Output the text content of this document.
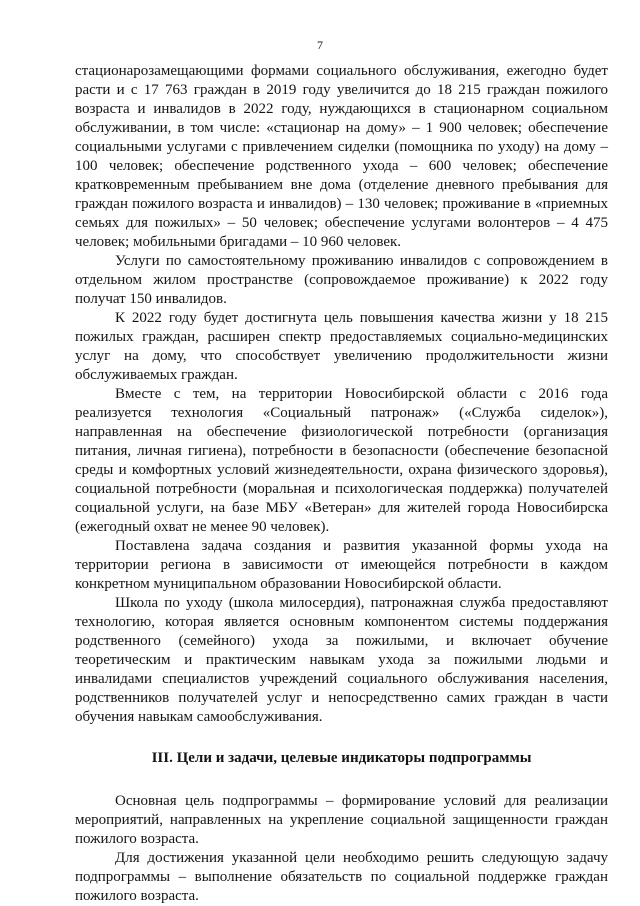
7

стационарозамещающими формами социального обслуживания, ежегодно будет расти и с 17 763 граждан в 2019 году увеличится до 18 215 граждан пожилого возраста и инвалидов в 2022 году, нуждающихся в стационарном социальном обслуживании, в том числе: «стационар на дому» – 1 900 человек; обеспечение социальными услугами с привлечением сиделки (помощника по уходу) на дому – 100 человек; обеспечение родственного ухода – 600 человек; обеспечение кратковременным пребыванием вне дома (отделение дневного пребывания для граждан пожилого возраста и инвалидов) – 130 человек; проживание в «приемных семьях для пожилых» – 50 человек; обеспечение услугами волонтеров – 4 475 человек; мобильными бригадами – 10 960 человек.

Услуги по самостоятельному проживанию инвалидов с сопровождением в отдельном жилом пространстве (сопровождаемое проживание) к 2022 году получат 150 инвалидов.

К 2022 году будет достигнута цель повышения качества жизни у 18 215 пожилых граждан, расширен спектр предоставляемых социально-медицинских услуг на дому, что способствует увеличению продолжительности жизни обслуживаемых граждан.

Вместе с тем, на территории Новосибирской области с 2016 года реализуется технология «Социальный патронаж» («Служба сиделок»), направленная на обеспечение физиологической потребности (организация питания, личная гигиена), потребности в безопасности (обеспечение безопасной среды и комфортных условий жизнедеятельности, охрана физического здоровья), социальной потребности (моральная и психологическая поддержка) получателей социальной услуги, на базе МБУ «Ветеран» для жителей города Новосибирска (ежегодный охват не менее 90 человек).

Поставлена задача создания и развития указанной формы ухода на территории региона в зависимости от имеющейся потребности в каждом конкретном муниципальном образовании Новосибирской области.

Школа по уходу (школа милосердия), патронажная служба предоставляют технологию, которая является основным компонентом системы поддержания родственного (семейного) ухода за пожилыми, и включает обучение теоретическим и практическим навыкам ухода за пожилыми людьми и инвалидами специалистов учреждений социального обслуживания населения, родственников получателей услуг и непосредственно самих граждан в части обучения навыкам самообслуживания.

III. Цели и задачи, целевые индикаторы подпрограммы

Основная цель подпрограммы – формирование условий для реализации мероприятий, направленных на укрепление социальной защищенности граждан пожилого возраста.

Для достижения указанной цели необходимо решить следующую задачу подпрограммы – выполнение обязательств по социальной поддержке граждан пожилого возраста.
